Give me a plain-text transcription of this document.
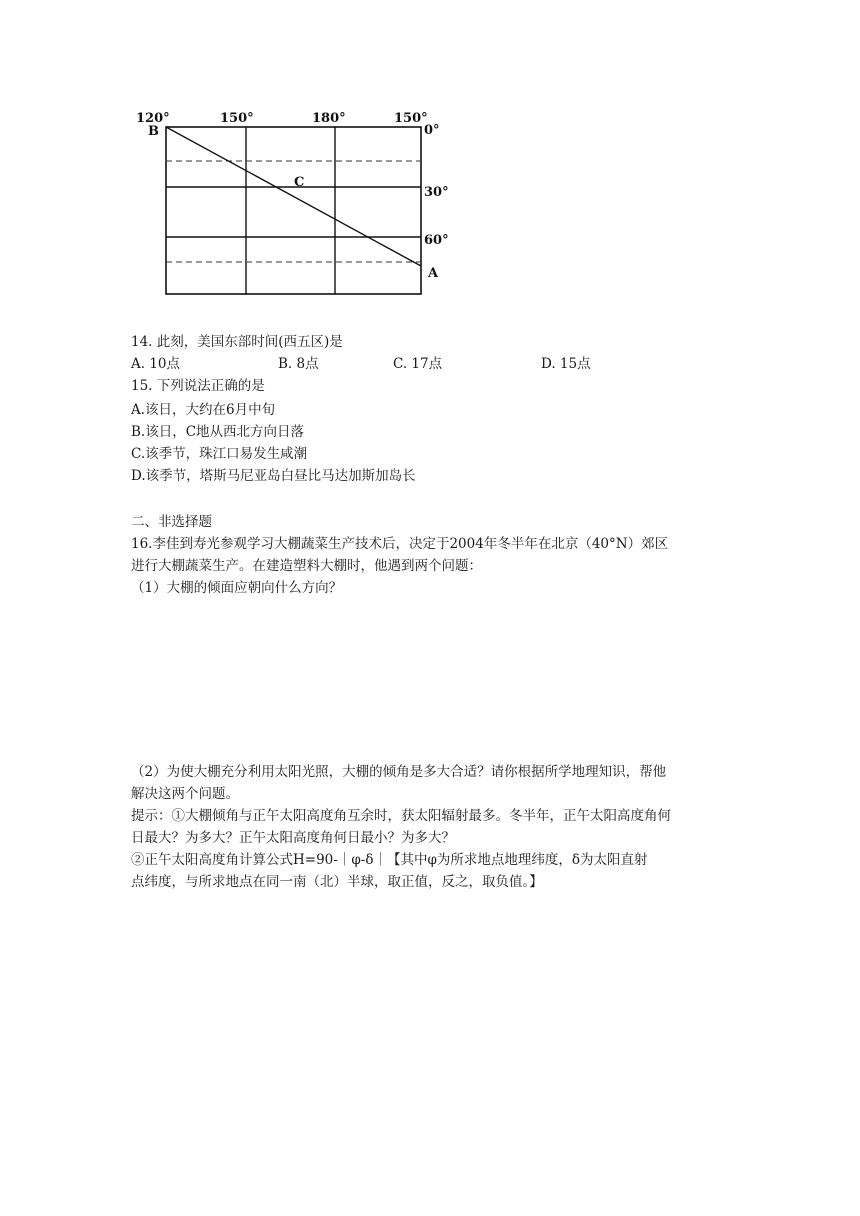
120°	150°	180°	150°
0°
30°
60°
B
C
A
14. 此刻，美国东部时间(西五区)是
A. 10点	B. 8点	C. 17点	D. 15点
15. 下列说法正确的是
A.该日，大约在6月中旬
B.该日，C地从西北方向日落
C.该季节，珠江口易发生咸潮
D.该季节，塔斯马尼亚岛白昼比马达加斯加岛长
二、非选择题
16.李佳到寿光参观学习大棚蔬菜生产技术后，决定于2004年冬半年在北京（40°N）郊区
进行大棚蔬菜生产。在建造塑料大棚时，他遇到两个问题：
（1）大棚的倾面应朝向什么方向？
（2）为使大棚充分利用太阳光照，大棚的倾角是多大合适？请你根据所学地理知识，帮他
解决这两个问题。
提示：①大棚倾角与正午太阳高度角互余时，获太阳辐射最多。冬半年，正午太阳高度角何
日最大？为多大？正午太阳高度角何日最小？为多大？
②正午太阳高度角计算公式H=90-｜φ-δ｜【其中φ为所求地点地理纬度，δ为太阳直射
点纬度，与所求地点在同一南（北）半球，取正值，反之，取负值。】
